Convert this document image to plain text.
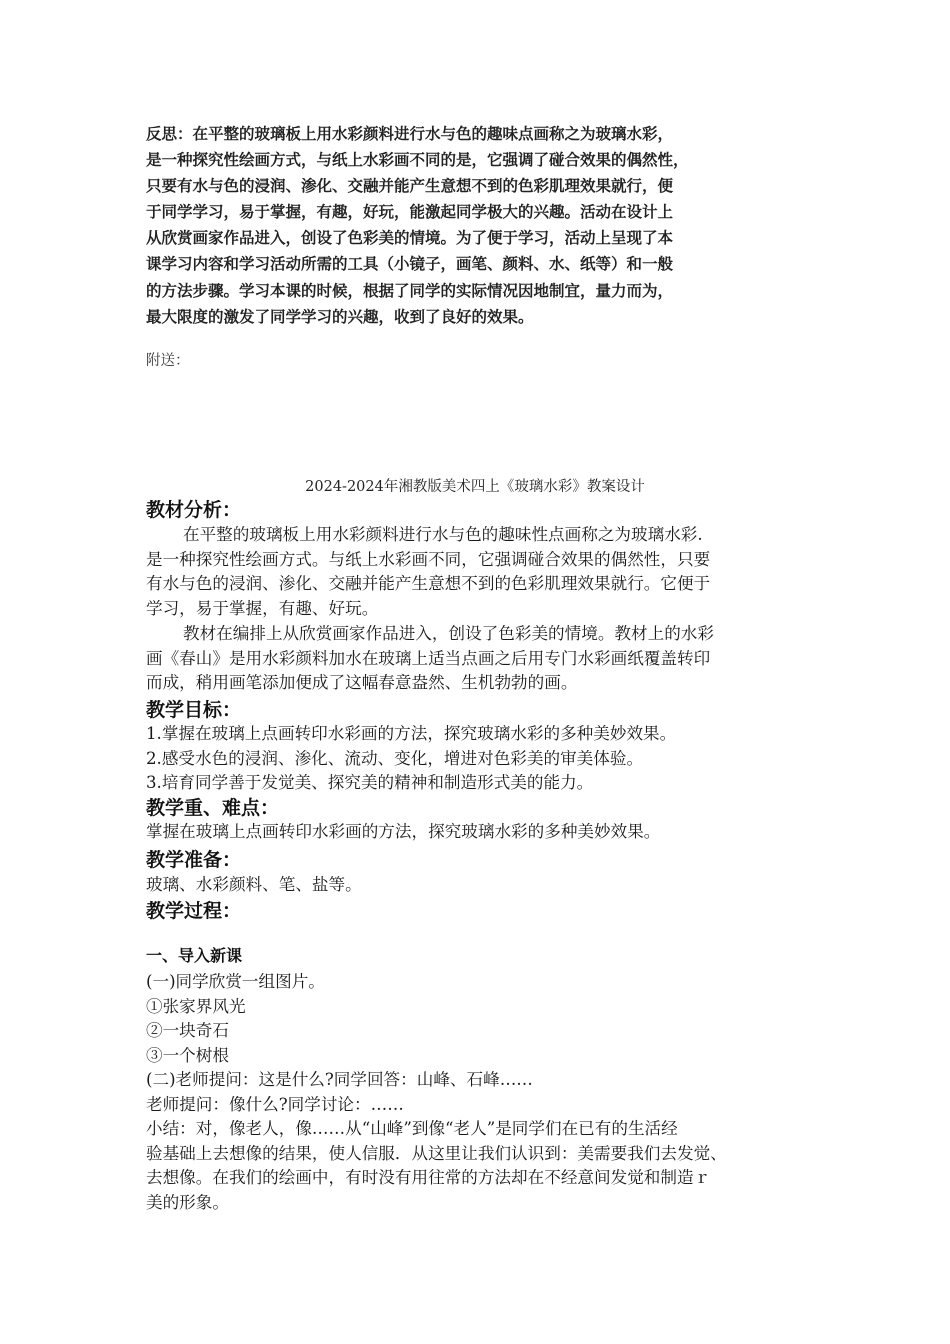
反思：在平整的玻璃板上用水彩颜料进行水与色的趣味点画称之为玻璃水彩，
是一种探究性绘画方式，与纸上水彩画不同的是，它强调了碰合效果的偶然性，
只要有水与色的浸润、渗化、交融并能产生意想不到的色彩肌理效果就行，便
于同学学习，易于掌握，有趣，好玩，能激起同学极大的兴趣。活动在设计上
从欣赏画家作品进入，创设了色彩美的情境。为了便于学习，活动上呈现了本
课学习内容和学习活动所需的工具（小镜子，画笔、颜料、水、纸等）和一般
的方法步骤。学习本课的时候，根据了同学的实际情况因地制宜，量力而为，
最大限度的激发了同学学习的兴趣，收到了良好的效果。
附送：
2024-2024年湘教版美术四上《玻璃水彩》教案设计
教材分析：
在平整的玻璃板上用水彩颜料进行水与色的趣味性点画称之为玻璃水彩.
是一种探究性绘画方式。与纸上水彩画不同，它强调碰合效果的偶然性，只要
有水与色的浸润、渗化、交融并能产生意想不到的色彩肌理效果就行。它便于
学习，易于掌握，有趣、好玩。
教材在编排上从欣赏画家作品进入，创设了色彩美的情境。教材上的水彩
画《春山》是用水彩颜料加水在玻璃上适当点画之后用专门水彩画纸覆盖转印
而成，稍用画笔添加便成了这幅春意盎然、生机勃勃的画。
教学目标：
1.掌握在玻璃上点画转印水彩画的方法，探究玻璃水彩的多种美妙效果。
2.感受水色的浸润、渗化、流动、变化，增进对色彩美的审美体验。
3.培育同学善于发觉美、探究美的精神和制造形式美的能力。
教学重、难点：
掌握在玻璃上点画转印水彩画的方法，探究玻璃水彩的多种美妙效果。
教学准备：
玻璃、水彩颜料、笔、盐等。
教学过程：
一、导入新课
(一)同学欣赏一组图片。
①张家界风光
②一块奇石
③一个树根
(二)老师提问：这是什么?同学回答：山峰、石峰……
老师提问：像什么?同学讨论：……
小结：对，像老人，像……从“山峰”到像“老人”是同学们在已有的生活经
验基础上去想像的结果，使人信服．从这里让我们认识到：美需要我们去发觉、
去想像。在我们的绘画中，有时没有用往常的方法却在不经意间发觉和制造ｒ
美的形象。
